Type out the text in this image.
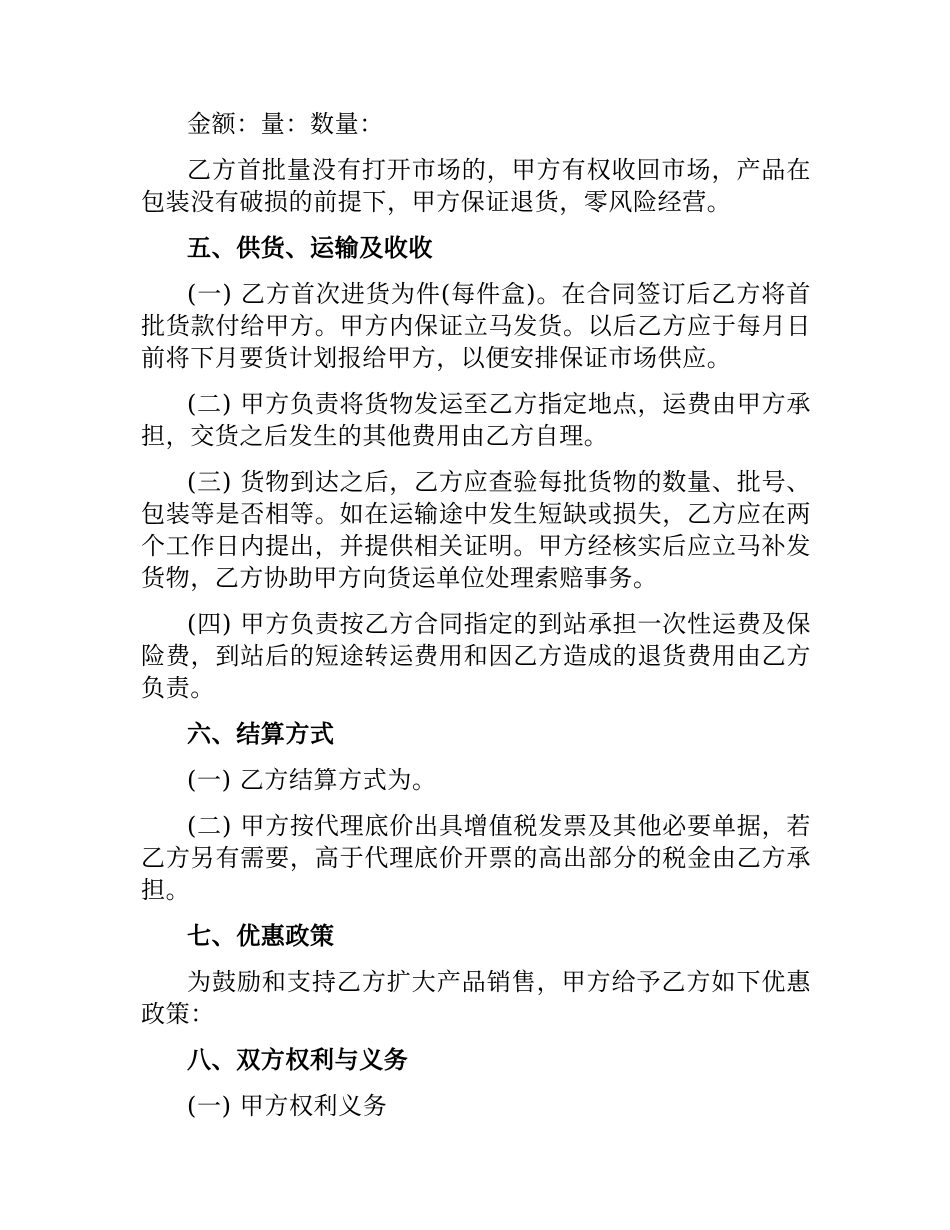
金额：量：数量：

乙方首批量没有打开市场的，甲方有权收回市场，产品在包装没有破损的前提下，甲方保证退货，零风险经营。

五、供货、运输及收收

(一) 乙方首次进货为件(每件盒)。在合同签订后乙方将首批货款付给甲方。甲方内保证立马发货。以后乙方应于每月日前将下月要货计划报给甲方，以便安排保证市场供应。

(二) 甲方负责将货物发运至乙方指定地点，运费由甲方承担，交货之后发生的其他费用由乙方自理。

(三) 货物到达之后，乙方应查验每批货物的数量、批号、包装等是否相等。如在运输途中发生短缺或损失，乙方应在两个工作日内提出，并提供相关证明。甲方经核实后应立马补发货物，乙方协助甲方向货运单位处理索赔事务。

(四) 甲方负责按乙方合同指定的到站承担一次性运费及保险费，到站后的短途转运费用和因乙方造成的退货费用由乙方负责。

六、结算方式

(一) 乙方结算方式为。

(二) 甲方按代理底价出具增值税发票及其他必要单据，若乙方另有需要，高于代理底价开票的高出部分的税金由乙方承担。

七、优惠政策

为鼓励和支持乙方扩大产品销售，甲方给予乙方如下优惠政策：

八、双方权利与义务

(一) 甲方权利义务
